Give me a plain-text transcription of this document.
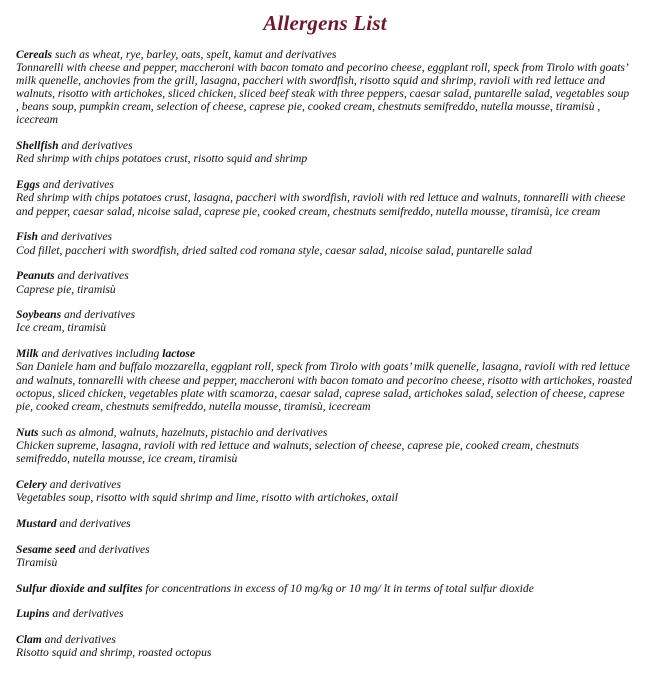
Allergens List
Cereals such as wheat, rye, barley, oats, spelt, kamut and derivatives
Tonnarelli with cheese and pepper, maccheroni with bacon tomato and pecorino cheese, eggplant roll, speck from Tirolo with goats’ milk quenelle, anchovies from the grill, lasagna, paccheri with swordfish, risotto squid and shrimp, ravioli with red lettuce and walnuts, risotto with artichokes, sliced chicken, sliced beef steak with three peppers, caesar salad, puntarelle salad, vegetables soup , beans soup, pumpkin cream, selection of cheese, caprese pie, cooked cream, chestnuts semifreddo, nutella mousse, tiramisù , icecream
Shellfish and derivatives
Red shrimp with chips potatoes crust, risotto squid and shrimp
Eggs and derivatives
Red shrimp with chips potatoes crust, lasagna, paccheri with swordfish, ravioli with red lettuce and walnuts, tonnarelli with cheese and pepper, caesar salad, nicoise salad, caprese pie, cooked cream, chestnuts semifreddo, nutella mousse, tiramisù, ice cream
Fish and derivatives
Cod fillet, paccheri with swordfish, dried salted cod romana style, caesar salad, nicoise salad, puntarelle salad
Peanuts and derivatives
Caprese pie, tiramisù
Soybeans and derivatives
Ice cream, tiramisù
Milk and derivatives including lactose
San Daniele ham and buffalo mozzarella, eggplant roll, speck from Tirolo with goats’ milk quenelle, lasagna, ravioli with red lettuce and walnuts, tonnarelli with cheese and pepper, maccheroni with bacon tomato and pecorino cheese, risotto with artichokes, roasted octopus, sliced chicken, vegetables plate with scamorza, caesar salad, caprese salad, artichokes salad, selection of cheese, caprese pie, cooked cream, chestnuts semifreddo, nutella mousse, tiramisù, icecream
Nuts such as almond, walnuts, hazelnuts, pistachio and derivatives
Chicken supreme, lasagna, ravioli with red lettuce and walnuts, selection of cheese, caprese pie, cooked cream, chestnuts semifreddo, nutella mousse, ice cream, tiramisù
Celery and derivatives
Vegetables soup, risotto with squid shrimp and lime, risotto with artichokes, oxtail
Mustard and derivatives
Sesame seed and derivatives
Tiramisù
Sulfur dioxide and sulfites for concentrations in excess of 10 mg/kg or 10 mg/ lt in terms of total sulfur dioxide
Lupins and derivatives
Clam and derivatives
Risotto squid and shrimp, roasted octopus
